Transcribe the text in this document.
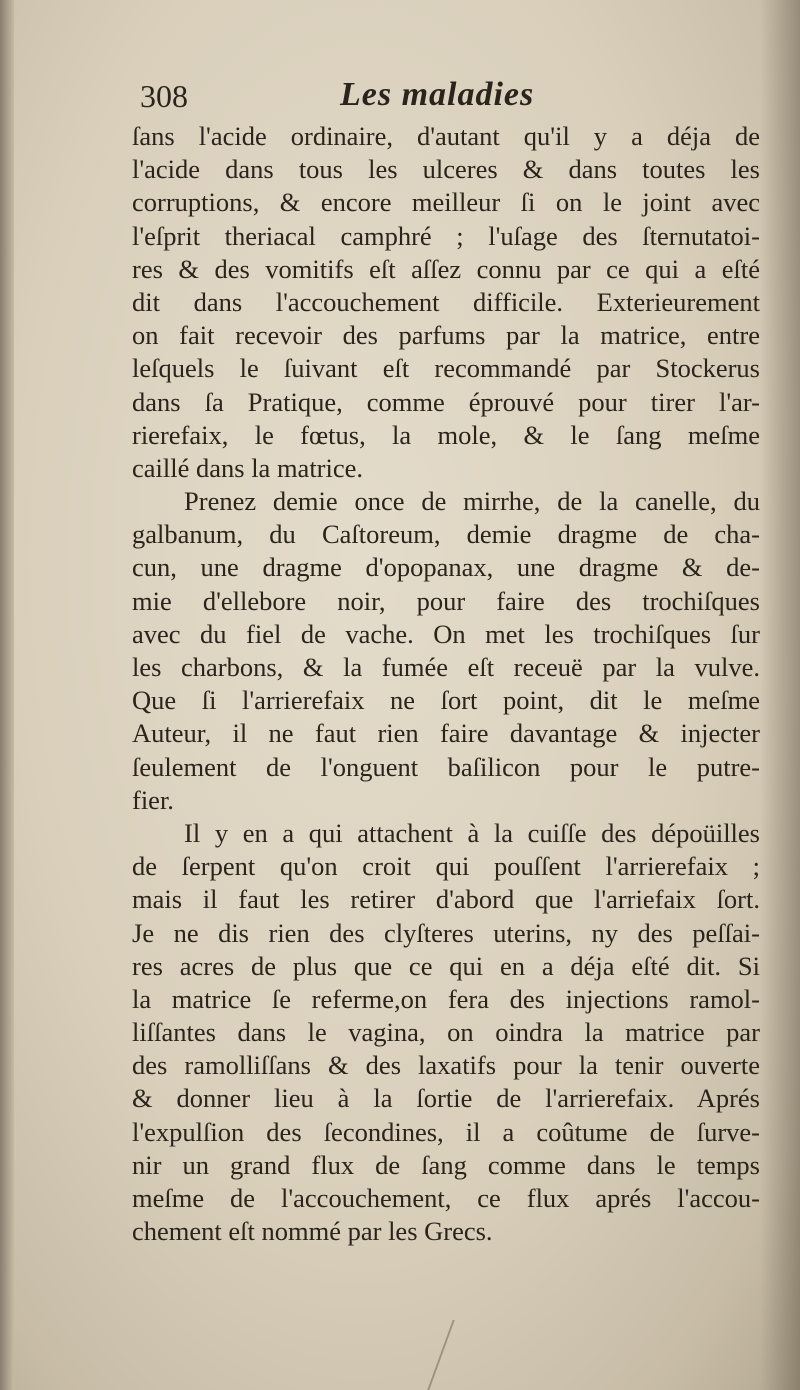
308	Les maladies
ſans l'acide ordinaire, d'autant qu'il y a déja de
l'acide dans tous les ulceres & dans toutes les
corruptions, & encore meilleur ſi on le joint avec
l'eſprit theriacal camphré ; l'uſage des ſternutatoi-
res & des vomitifs eſt aſſez connu par ce qui a eſté
dit dans l'accouchement difficile. Exterieurement
on fait recevoir des parfums par la matrice, entre
leſquels le ſuivant eſt recommandé par Stockerus
dans ſa Pratique, comme éprouvé pour tirer l'ar-
rierefaix, le fœtus, la mole, & le ſang meſme
caillé dans la matrice.
Prenez demie once de mirrhe, de la canelle, du
galbanum, du Caſtoreum, demie dragme de cha-
cun, une dragme d'opopanax, une dragme & de-
mie d'ellebore noir, pour faire des trochiſques
avec du fiel de vache. On met les trochiſques ſur
les charbons, & la fumée eſt receuë par la vulve.
Que ſi l'arrierefaix ne ſort point, dit le meſme
Auteur, il ne faut rien faire davantage & injecter
ſeulement de l'onguent baſilicon pour le putre-
fier.
Il y en a qui attachent à la cuiſſe des dépoüilles
de ſerpent qu'on croit qui pouſſent l'arrierefaix ;
mais il faut les retirer d'abord que l'arriefaix ſort.
Je ne dis rien des clyſteres uterins, ny des peſſai-
res acres de plus que ce qui en a déja eſté dit. Si
la matrice ſe referme,on fera des injections ramol-
liſſantes dans le vagina, on oindra la matrice par
des ramolliſſans & des laxatifs pour la tenir ouverte
& donner lieu à la ſortie de l'arrierefaix. Aprés
l'expulſion des ſecondines, il a coûtume de ſurve-
nir un grand flux de ſang comme dans le temps
meſme de l'accouchement, ce flux aprés l'accou-
chement eſt nommé par les Grecs.
